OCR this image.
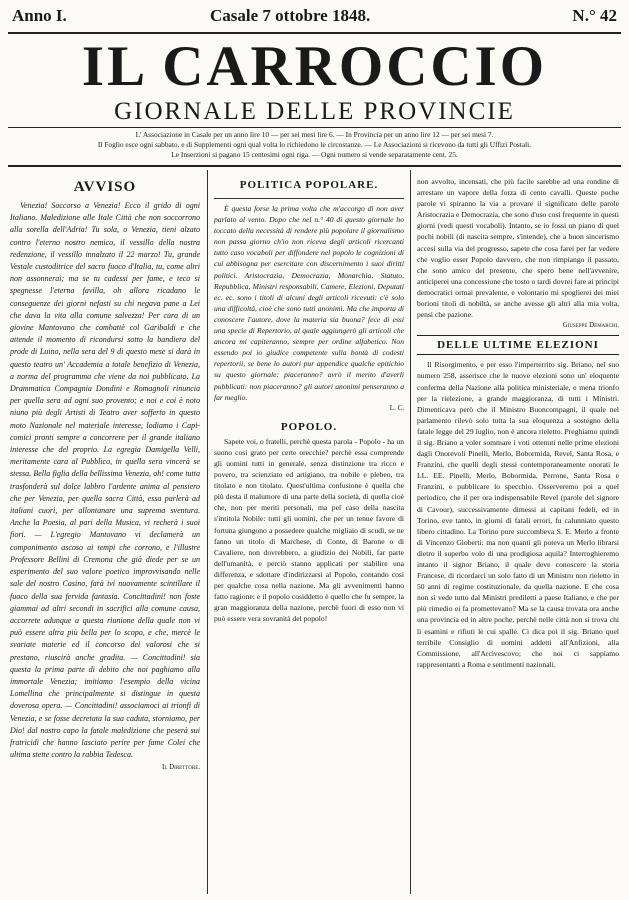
Anno I.	Casale 7 ottobre 1848.	N.° 42
IL CARROCCIO
GIORNALE DELLE PROVINCIE
L' Associazione in Casale per un anno lire 10 — per sei mesi lire 6. — In Provincia per un anno lire 12 — per sei mesi 7.
Il Foglio esce ogni sabbato, e di Supplementi ogni qual volta lo richiedono le circostanze. — Le Associazioni si ricevono da tutti gli Uffizi Postali.
Le Inserzioni si pagano 15 centesimi ogni riga. — Ogni numero si vende separatamente cent. 25.
AVVISO

Venezia! Soccorso a Venezia! Ecco il grido di ogni Italiano. Maledizione alle Itale Città che non soccorrono alla sorella dell'Adria! Tu sola, o Venezia, tieni alzato contro l'eterno nostro nemico, il vessillo della nostra redenzione, il vessillo innalzato il 22 marzo! Tu, grande Vestale custoditrice del sacro fuoco d'Italia, tu, come altri non assonnerai; ma se tu cadessi per fame, e teco si spegnesse l'eterna favilla, oh allora ricadano le conseguenze dei giorni nefasti su chi negava pane a Lei che dava la vita alla comune salvezza! Per cura di un giovine Mantovano che combattè col Garibaldi e che attende il momento di ricondursi sotto la bandiera del prode di Luino, nella sera del 9 di questo mese si darà in questo teatro un' Accademia a totale benefizio di Venezia, a norma del programma che viene da noi pubblicato. La Drammatica Compagnia Dondini e Romagnoli rinuncia per quella sera ad ogni suo provento; e noi e coi è noto niuno più degli Artisti di Teatro aver sofferto in questo moto Nazionale nel materiale interesse, lodiamo i Capi-comici pronti sempre a concorrere per il grande italiano interesse che del proprio. La egregia Damigella Velli, meritamente cara al Pubblico, in quella sera vincerà se stessa. Bella figlia della bellissima Venezia, oh! come tutta trasfonderà sul dolce labbro l'ardente anima al pensiero che per Venezia, per quella sacra Città, essa parlerà ad italiani cuori, per allontanare una suprema sventura. Anche la Poesia, al pari della Musica, vi recherà i suoi fiori. — L'egregio Mantovano vi declamerà un componimento ascoso ai tempi che corrono, e l'illustre Professore Bellini di Cremona che già diede per se un esperimento del suo valore poetico improvvisando nelle sale del nostro Casino, farà ivi nuovamente scintillare il fuoco della sua fervida fantasia. Concittadini! non foste giammai ad altri secondi in sacrifici alla comune causa, accorrete adunque a questa riunione della quale non vi può essere altra più bella per lo scopo, e che, mercè le svariate materie ed il concorso dei valorosi che si prestano, riuscirà anche gradita. — Concittadini! sia questa la prima parte di debito che noi paghiamo alla immortale Venezia; imitiamo l'esempio della vicina Lomellina che principalmente si distingue in questa doverosa opera. — Concittadini! associamoci ai trionfi di Venezia, e se fosse decretata la sua caduta, storniamo, per Dio! dal nostro capo la fatale maledizione che peserà sui fratricidi che hanno lasciato perire per fame Colei che ultima stette contro la rabbia Tedesca.

Il Direttore.
POLITICA POPOLARE.

È questa forse la prima volta che m'accorgo di non aver parlato al vento. Dopo che nel n.° 40 di questo giornale ho toccato della necessità di rendere più popolare il giornalismo non passa giorno ch'io non riceva degli articoli ricercanti tutto caso vocaboli per diffondere nel popolo le cognizioni di cui abbisogna per esercitare con discernimento i suoi diritti politici. Aristocrazia, Democrazia, Monarchia, Statuto, Repubblica, Ministri responsabili, Camere, Elezioni, Deputati ec. ec. sono i titoli di alcuni degli articoli ricevuti: c'è solo una difficoltà, cioè che sono tutti anonimi. Ma che importa di conoscere l'autore, dove la materia sia buona? fece di essi una specie di Repertorio, al quale aggiungerò gli articoli che ancora mi capiteranno, sempre per ordine alfabetico. Non essendo poi io giudice competente sulla bontà di codesti repertorii, se bene lo autori pur appendice qualche epitichio su questo giornale: piaceranno? avrò il merito d'averli pubblicati: non piaceranno? gli autori anonimi penseranno a far meglio.

L. C.
POPOLO.

Sapete voi, o fratelli, perchè questa parola - Popolo - ha un suono così grato per certe orecchie? perchè essa comprende gli uomini tutti in generale, senza distinzione tra ricco e povero, tra scienziato ed artigiano, tra nobile e plebeo, tra titolato e non titolato. Quest'ultima confusione è quella che più desta il malumore di una parte della società, di quella cioè che, non per meriti personali, ma pel caso della nascita s'intitola Nobile: tutti gli uomini, che per un tenue favore di fortuna giungono a possedere qualche migliaio di scudi, se ne fanno un titolo di Marchese, di Conte, di Barone o di Cavaliere, non dovrebbero, a giudizio dei Nobili, far parte dell'umanità, e perciò stanno applicati per stabilire una differenza, e sdottare d'indirizzarsi al Popolo, contando così per qualche cosa nella nazione. Ma gli avvenimenti hanno fatto ragione: e il popolo cosiddetto è quello che fu sempre, la gran maggioranza della nazione, perchè fuori di esso non vi può essere vera sovranità del popolo!

non avvolto, incensati, che più facile sarebbe ad una rondine di arrestare un vapore della forza di cento cavalli. Queste poche parole vi spiranno la via a provare il significato delle parole Aristocrazia e Democrazia, che sono d'uso così frequente in questi giorni (vedi questi vocaboli). Intanto, se io fossi un piano di quel pochi nobili (di nascita sempre, s'intende), che a buon sincerismo accesi sulla via del progresso, sapete che cosa farei per far vedere che voglio esser Popolo davvero, che non rimpiango il passato, che sono amico del presente, che spero bene nell'avvenire, anticiperei una concessione che tosto o tardi dovrei fare ai principi democratici ormai prevalente, e volontario mi spoglierei dei miei borioni titoli di nobiltà, se anche avesse gli altri alla mia volta, pensi che pazione.

Giuseppe Demarchi.
DELLE ULTIME ELEZIONI

Il Risorgimento, e per esso l'imperterrito sig. Briano, nel suo numero 258, asserisce che le nuove elezioni sono un' eloquente conferma della Nazione alla politica ministeriale, e mena trionfo per la rielezione, a grande maggioranza, di tutti i Ministri. Dimenticava però che il Ministro Buoncompagni, il quale nel parlamento rilevò solo tutta la sua eloquenza a sostegno della fatale legge del 29 luglio, non è ancora rieletto. Preghiamo quindi il sig. Briano a voler sommare i voti ottenuti nelle prime elezioni dagli Onorevoli Pinelli, Merlo, Bobormida, Revel, Santa Rosa, e Franzini, che quelli degli stessi contemporaneamente onorati le LL. EE. Pinelli, Merlo, Bobormida, Perrone, Santa Rosa e Franzini, e pubblicare lo specchio. Osserveremo poi a quel periodico, che il per ora indispensabile Revel (parole del signore di Cavour), successivamente dimessi ai capitani fedeli, ed in Torino, eve tanto, in giorni di fatali errori, fu calunniato questo libero cittadino. La Torino pure succombeva S. E. Merlo a fronte di Vincenzo Gioberti: ma non quanti gli poteva un Merlo librarsi dietro il superbo volo di una prodigiosa aquila? Interroghieremo intanto il signor Briano, il quale deve conoscere la storia Francese, di ricordarci un solo fatto di un Ministro non rieletto in 50 anni di regime costituzionale, da quella nazione. E che cosa non si vede tutto dal Ministri prediletti a paese Italiano, e che per più rimedio ei fa promettevano? Ma se la causa trovata ora anche una provincia ed in altre poche, perchè nelle città non si trova chi li esamini e rifiuti le cui spalle. Ci dica poi il sig. Briano quel terribile Consiglio di uomini addetti all'Anfizioni, alla Commissione, all'Arcivescovo; che noi ci sappiamo rappresentanti a Roma e sentimenti nazionali.
